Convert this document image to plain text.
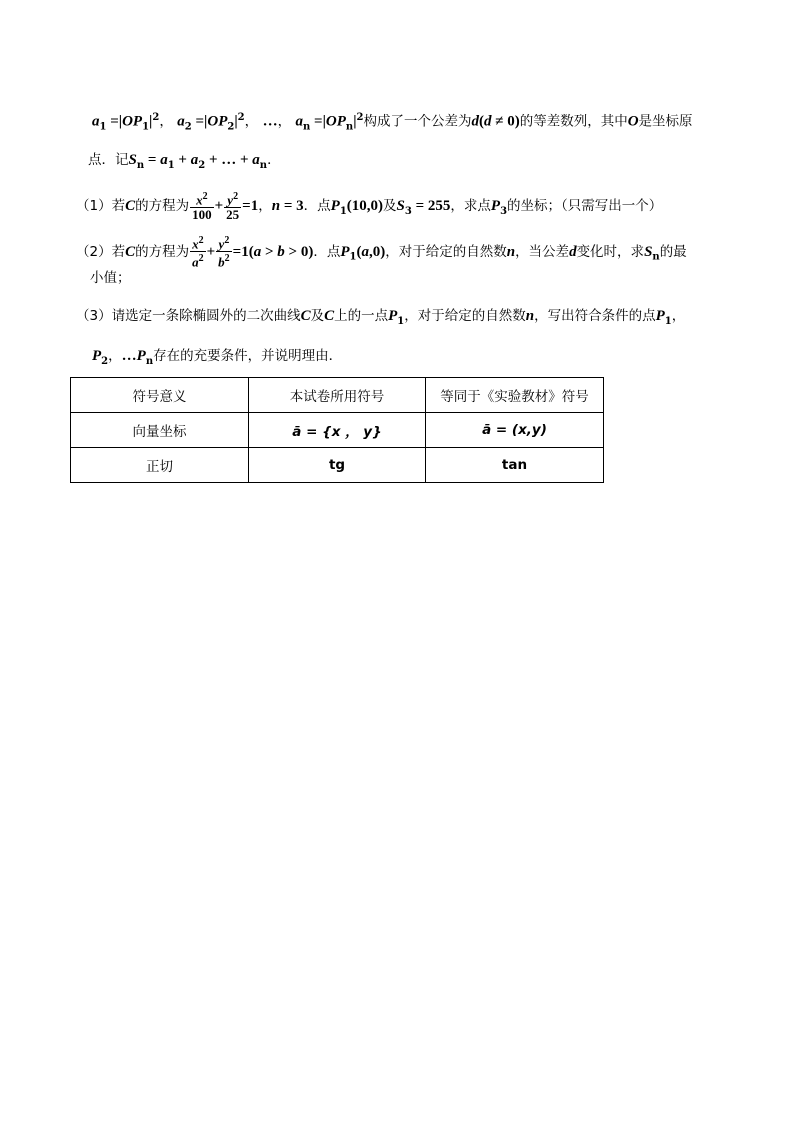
$a_1 =|OP_1|^2$， $a_2 =|OP_2|^2$， …， $a_n =|OP_n|^2$构成了一个公差为d(d ≠ 0)的等差数列，其中O是坐标原
点．记$S_n = a_1 + a_2$ + … + $a_n$．
（1）若C的方程为 $\frac{x^2}{100} + \frac{y^2}{25} =1$，n = 3．点$P_1(10,0)$及$S_3 = 255$，求点$P_3$的坐标；（只需写出一个）
（2）若C的方程为 $\frac{x^2}{a^2} + \frac{y^2}{b^2} =1(a > b > 0)$．点$P_1(a,0)$，对于给定的自然数n，当公差d变化时，求$S_n$的最
小值；
（3）请选定一条除椭圆外的二次曲线C及C上的一点$P_1$，对于给定的自然数n，写出符合条件的点$P_1$，
$P_2$，$\dots P_n$存在的充要条件，并说明理由．
符号意义	本试卷所用符号	等同于《实验教材》符号
向量坐标	ā = {x ， y}	ā = (x,y)
正切	tg	tan
